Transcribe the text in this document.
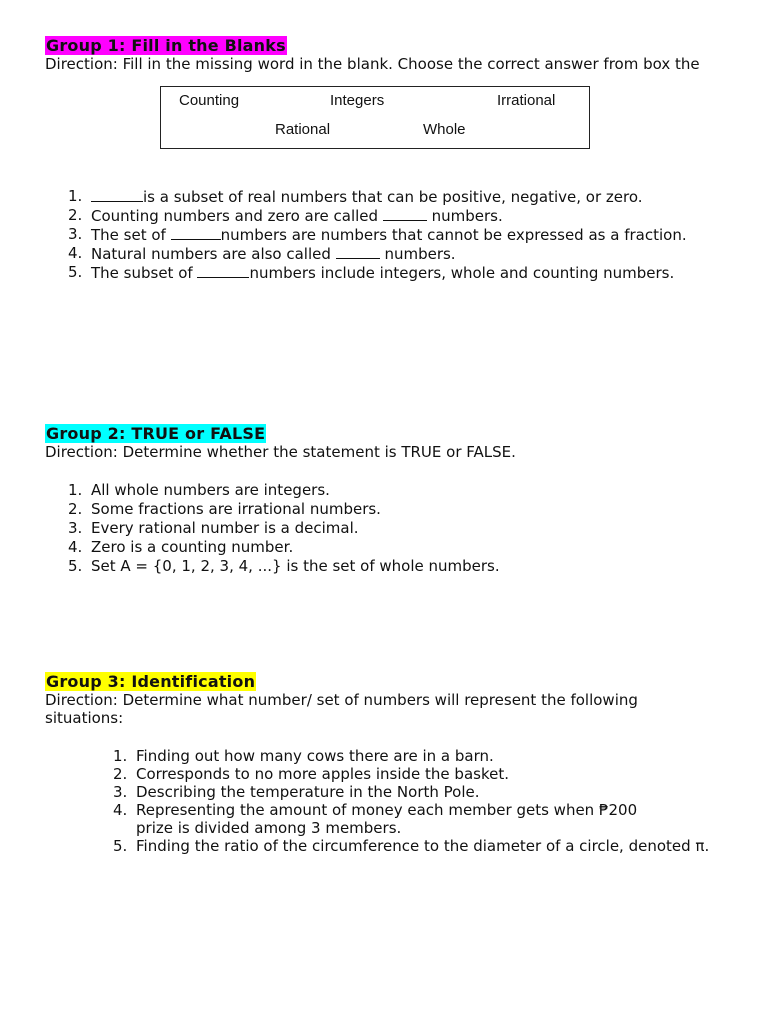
Group 1: Fill in the Blanks

Direction: Fill in the missing word in the blank. Choose the correct answer from box the

Counting	Integers	Irrational
Rational	Whole
1.	is a subset of real numbers that can be positive, negative, or zero.
2. Counting numbers and zero are called	numbers.
3. The set of	numbers are numbers that cannot be expressed as a fraction.
4. Natural numbers are also called	numbers.
5. The subset of	numbers include integers, whole and counting numbers.
Group 2: TRUE or FALSE

Direction: Determine whether the statement is TRUE or FALSE.

1. All whole numbers are integers.
2. Some fractions are irrational numbers.
3. Every rational number is a decimal.
4. Zero is a counting number.
5. Set A = {0, 1, 2, 3, 4, ...} is the set of whole numbers.
Group 3: Identification

Direction: Determine what number/ set of numbers will represent the following situations:

1. Finding out how many cows there are in a barn.
2. Corresponds to no more apples inside the basket.
3. Describing the temperature in the North Pole.
4. Representing the amount of money each member gets when ₱200 prize is divided among 3 members.
5. Finding the ratio of the circumference to the diameter of a circle, denoted π.
